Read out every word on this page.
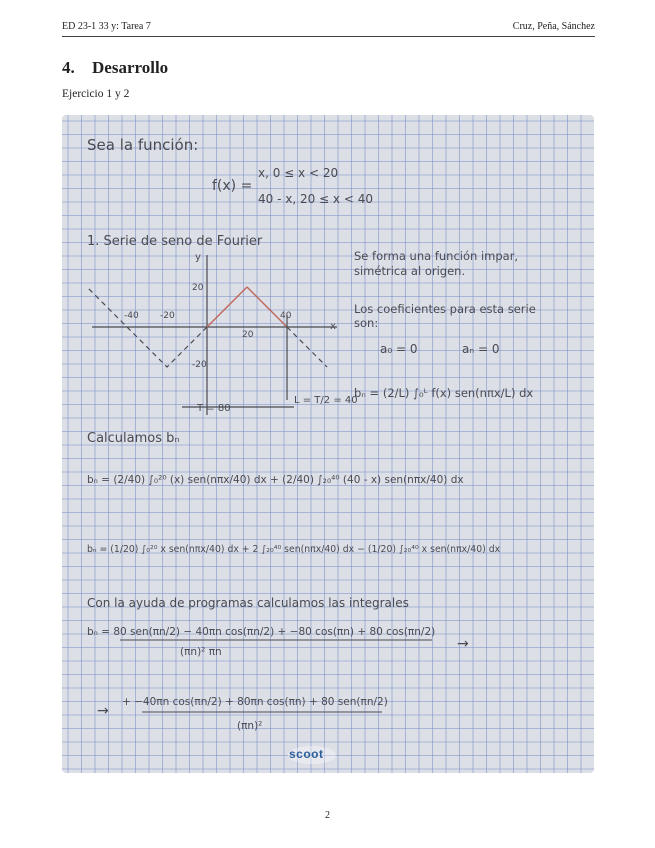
ED 23-1 33 y: Tarea 7	Cruz, Peña, Sánchez
4. Desarrollo
Ejercicio 1 y 2
Sea la función:
f(x) =
x, 0 ≤ x < 20
40 - x, 20 ≤ x < 40
1. Serie de seno de Fourier
Se forma una función impar,
simétrica al origen.
Los coeficientes para esta serie
son:
a₀ = 0	aₙ = 0
bₙ = (2/L) ∫₀ᴸ f(x) sen(nπx/L) dx
y
x
20
-20
-40 -20
20
40
T = 80
L = T/2 = 40
Calculamos bₙ
bₙ = (2/40) ∫₀²⁰ (x) sen(nπx/40) dx + (2/40) ∫₂₀⁴⁰ (40 - x) sen(nπx/40) dx
bₙ = (1/20) ∫₀²⁰ x sen(nπx/40) dx + 2 ∫₂₀⁴⁰ sen(nπx/40) dx − (1/20) ∫₂₀⁴⁰ x sen(nπx/40) dx
Con la ayuda de programas calculamos las integrales
bₙ = 80 sen(πn/2) − 40πn cos(πn/2) + −80 cos(πn) + 80 cos(πn/2)
(πn)² πn	→
→
+ −40πn cos(πn/2) + 80πn cos(πn) + 80 sen(πn/2)
(πn)²
scoot
2
